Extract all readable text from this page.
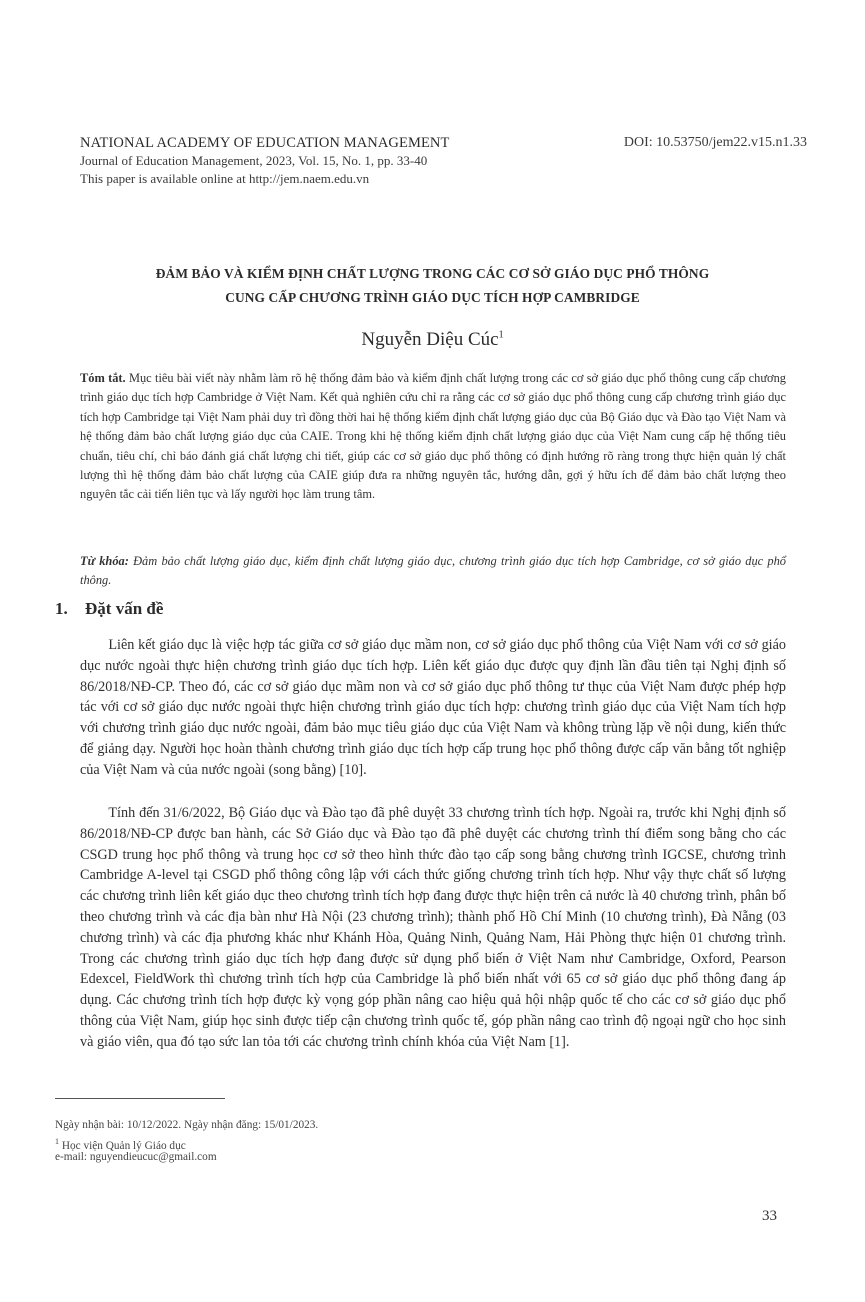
NATIONAL ACADEMY OF EDUCATION MANAGEMENT
Journal of Education Management, 2023, Vol. 15, No. 1, pp. 33-40
This paper is available online at http://jem.naem.edu.vn
DOI: 10.53750/jem22.v15.n1.33
ĐẢM BẢO VÀ KIỂM ĐỊNH CHẤT LƯỢNG TRONG CÁC CƠ SỞ GIÁO DỤC PHỔ THÔNG
CUNG CẤP CHƯƠNG TRÌNH GIÁO DỤC TÍCH HỢP CAMBRIDGE
Nguyễn Diệu Cúc$^1$
Tóm tắt. Mục tiêu bài viết này nhằm làm rõ hệ thống đảm bảo và kiểm định chất lượng trong các cơ sở giáo dục phổ thông cung cấp chương trình giáo dục tích hợp Cambridge ở Việt Nam. Kết quả nghiên cứu chỉ ra rằng các cơ sở giáo dục phổ thông cung cấp chương trình giáo dục tích hợp Cambridge tại Việt Nam phải duy trì đồng thời hai hệ thống kiểm định chất lượng giáo dục của Bộ Giáo dục và Đào tạo Việt Nam và hệ thống đảm bảo chất lượng giáo dục của CAIE. Trong khi hệ thống kiểm định chất lượng giáo dục của Việt Nam cung cấp hệ thống tiêu chuẩn, tiêu chí, chỉ báo đánh giá chất lượng chi tiết, giúp các cơ sở giáo dục phổ thông có định hướng rõ ràng trong thực hiện quản lý chất lượng thì hệ thống đảm bảo chất lượng của CAIE giúp đưa ra những nguyên tắc, hướng dẫn, gợi ý hữu ích để đảm bảo chất lượng theo nguyên tắc cải tiến liên tục và lấy người học làm trung tâm.
Từ khóa: Đảm bảo chất lượng giáo dục, kiểm định chất lượng giáo dục, chương trình giáo dục tích hợp Cambridge, cơ sở giáo dục phổ thông.
1. Đặt vấn đề

  Liên kết giáo dục là việc hợp tác giữa cơ sở giáo dục mầm non, cơ sở giáo dục phổ thông của Việt Nam với cơ sở giáo dục nước ngoài thực hiện chương trình giáo dục tích hợp. Liên kết giáo dục được quy định lần đầu tiên tại Nghị định số 86/2018/NĐ-CP. Theo đó, các cơ sở giáo dục mầm non và cơ sở giáo dục phổ thông tư thục của Việt Nam được phép hợp tác với cơ sở giáo dục nước ngoài thực hiện chương trình giáo dục tích hợp: chương trình giáo dục của Việt Nam tích hợp với chương trình giáo dục nước ngoài, đảm bảo mục tiêu giáo dục của Việt Nam và không trùng lặp về nội dung, kiến thức để giảng dạy. Người học hoàn thành chương trình giáo dục tích hợp cấp trung học phổ thông được cấp văn bằng tốt nghiệp của Việt Nam và của nước ngoài (song bằng) [10].

  Tính đến 31/6/2022, Bộ Giáo dục và Đào tạo đã phê duyệt 33 chương trình tích hợp. Ngoài ra, trước khi Nghị định số 86/2018/NĐ-CP được ban hành, các Sở Giáo dục và Đào tạo đã phê duyệt các chương trình thí điểm song bằng cho các CSGD trung học phổ thông và trung học cơ sở theo hình thức đào tạo cấp song bằng chương trình IGCSE, chương trình Cambridge A-level tại CSGD phổ thông công lập với cách thức giống chương trình tích hợp. Như vậy thực chất số lượng các chương trình liên kết giáo dục theo chương trình tích hợp đang được thực hiện trên cả nước là 40 chương trình, phân bố theo chương trình và các địa bàn như Hà Nội (23 chương trình); thành phố Hồ Chí Minh (10 chương trình), Đà Nẵng (03 chương trình) và các địa phương khác như Khánh Hòa, Quảng Ninh, Quảng Nam, Hải Phòng thực hiện 01 chương trình. Trong các chương trình giáo dục tích hợp đang được sử dụng phổ biến ở Việt Nam như Cambridge, Oxford, Pearson Edexcel, FieldWork thì chương trình tích hợp của Cambridge là phổ biến nhất với 65 cơ sở giáo dục phổ thông đang áp dụng. Các chương trình tích hợp được kỳ vọng góp phần nâng cao hiệu quả hội nhập quốc tế cho các cơ sở giáo dục phổ thông của Việt Nam, giúp học sinh được tiếp cận chương trình quốc tế, góp phần nâng cao trình độ ngoại ngữ cho học sinh và giáo viên, qua đó tạo sức lan tỏa tới các chương trình chính khóa của Việt Nam [1].

Ngày nhận bài: 10/12/2022. Ngày nhận đăng: 15/01/2023.
$^1$ Học viện Quản lý Giáo dục
e-mail: nguyendieucuc@gmail.com
33
